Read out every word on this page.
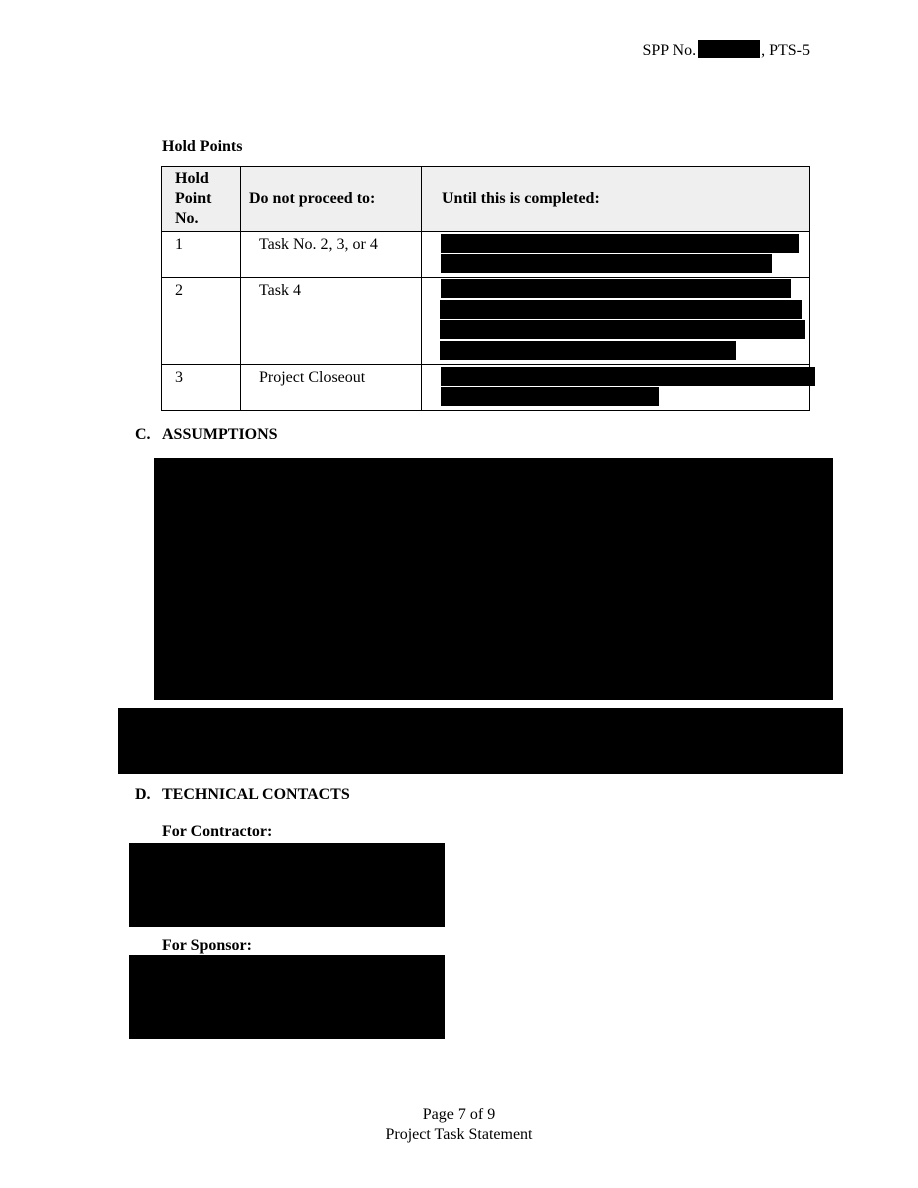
SPP No.	, PTS-5
Hold Points
Hold
Point
No.	Do not proceed to:	Until this is completed:
1	Task No. 2, 3, or 4	

2	Task 4	

3	Project Closeout	
C. ASSUMPTIONS
D. TECHNICAL CONTACTS
For Contractor:
For Sponsor:
Page 7 of 9
Project Task Statement
